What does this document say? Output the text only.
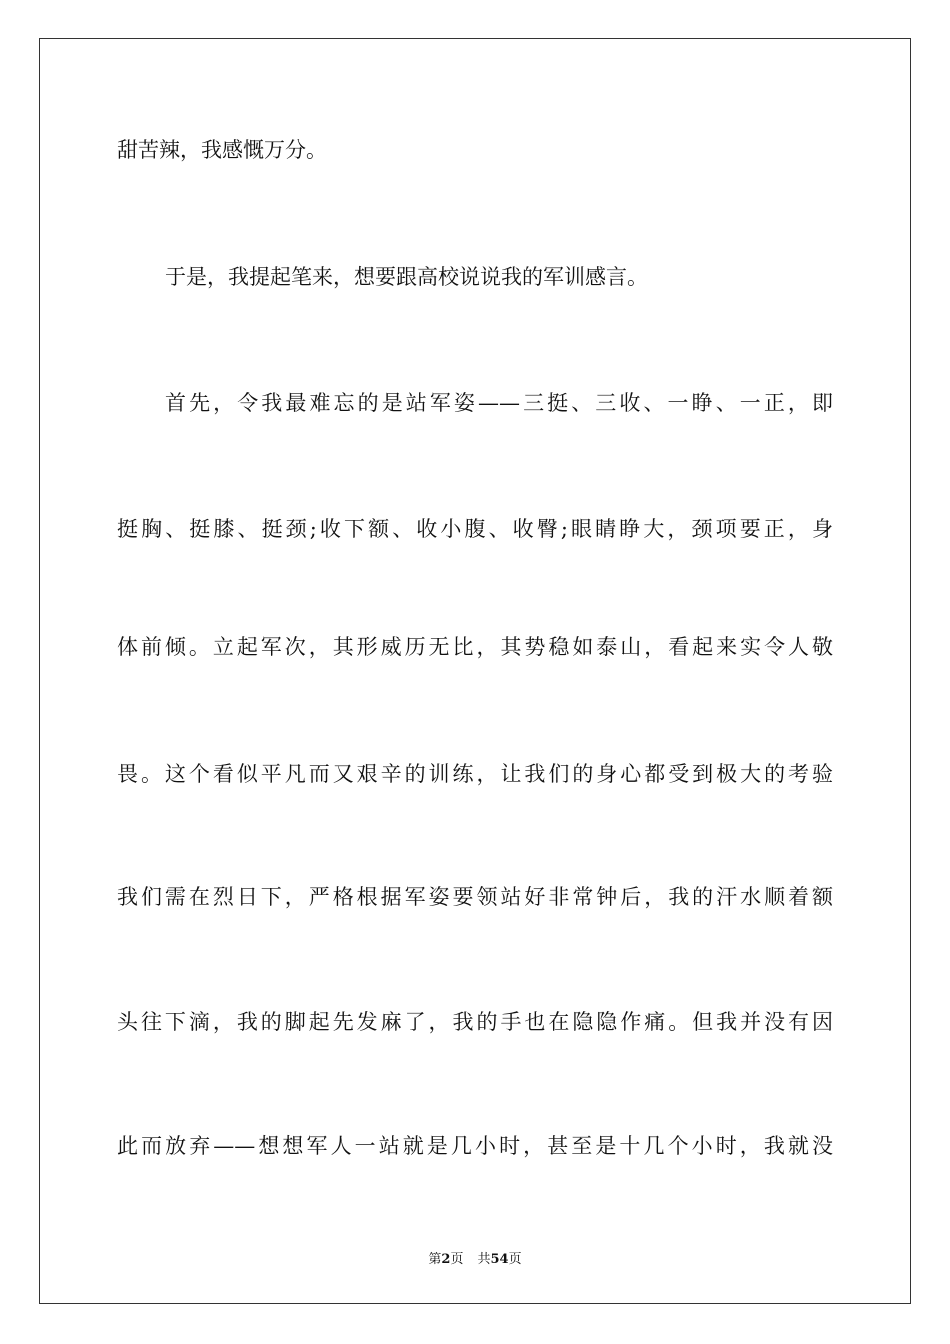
甜苦辣，我感慨万分。
于是，我提起笔来，想要跟高校说说我的军训感言。
首先，令我最难忘的是站军姿——三挺、三收、一睁、一正，即
挺胸、挺膝、挺颈;收下额、收小腹、收臀;眼睛睁大，颈项要正，身
体前倾。立起军次，其形威历无比，其势稳如泰山，看起来实令人敬
畏。这个看似平凡而又艰辛的训练，让我们的身心都受到极大的考验
我们需在烈日下，严格根据军姿要领站好非常钟后，我的汗水顺着额
头往下滴，我的脚起先发麻了，我的手也在隐隐作痛。但我并没有因
此而放弃——想想军人一站就是几小时，甚至是十几个小时，我就没
第2页 共54页
